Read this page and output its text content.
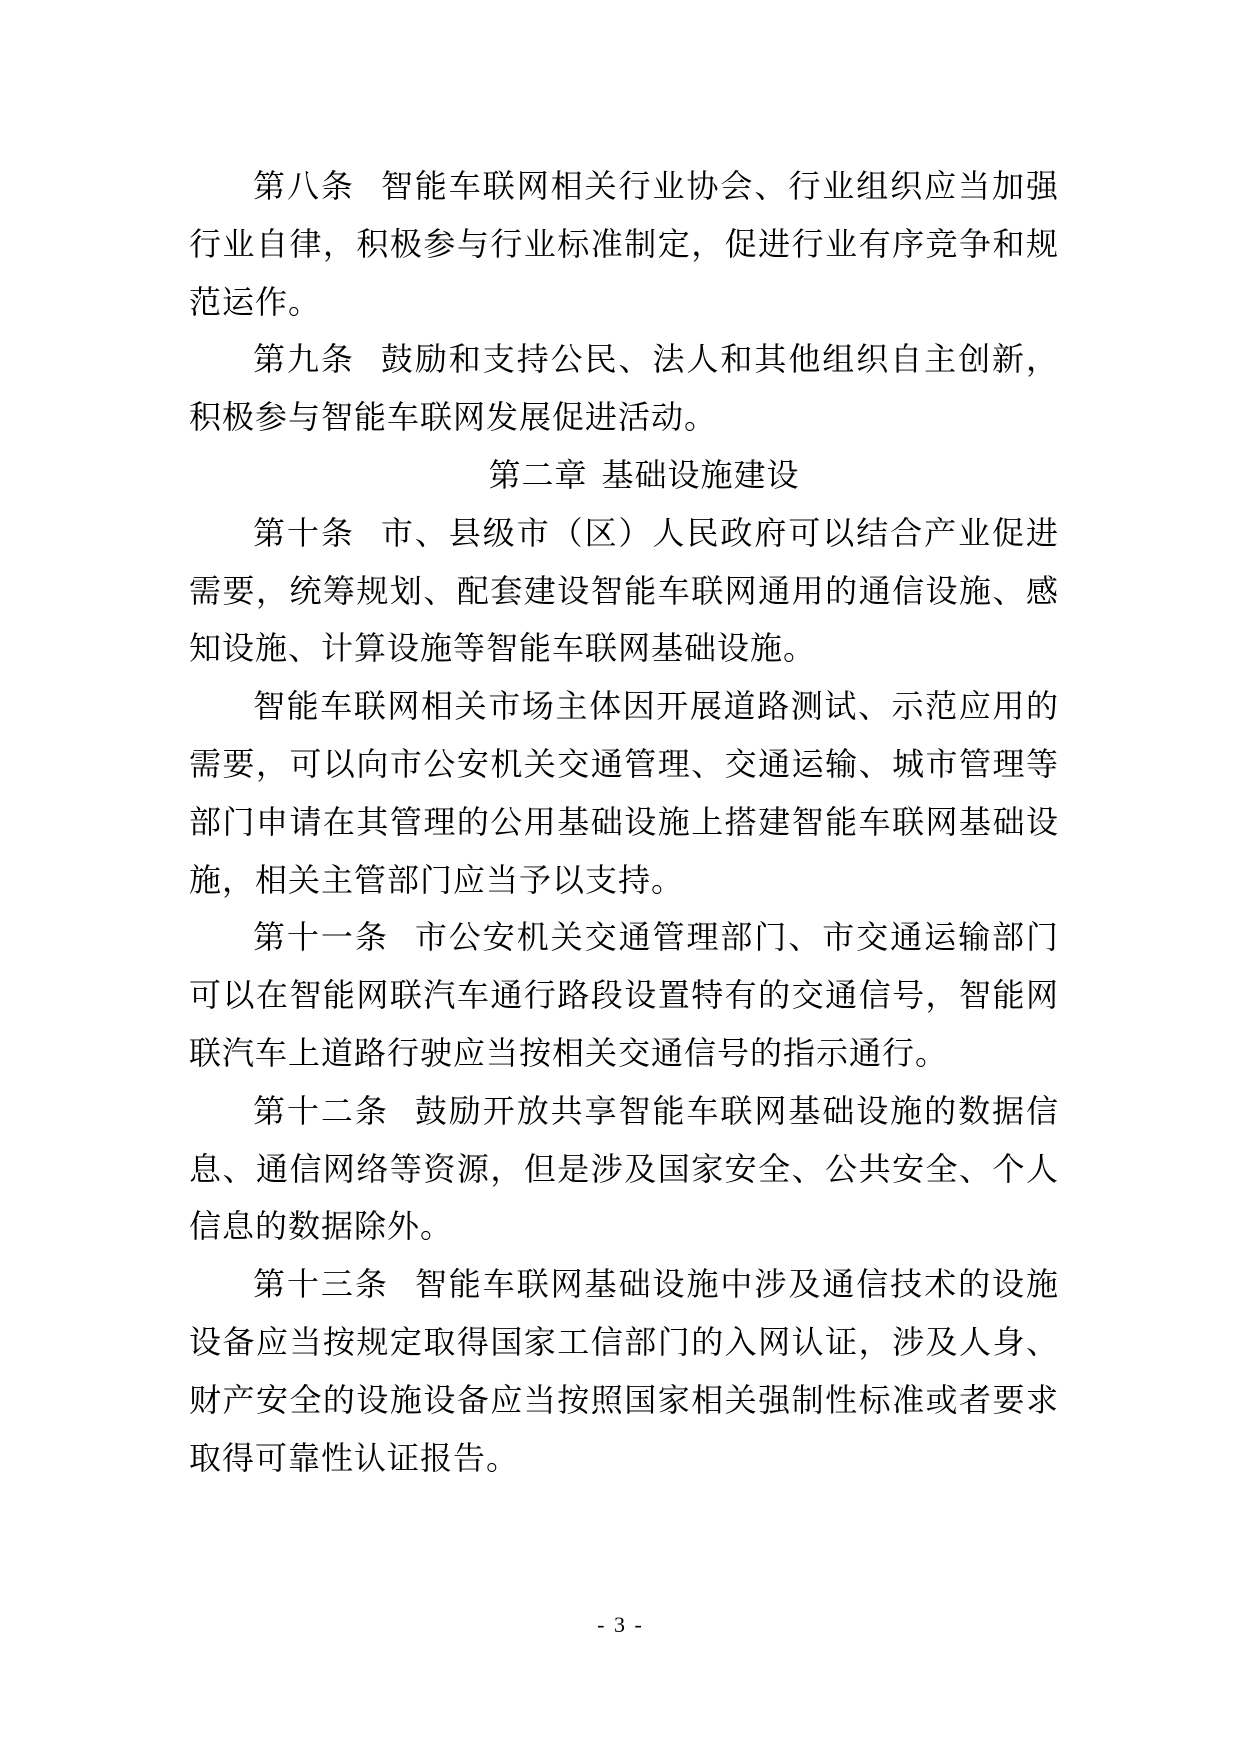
第八条 智能车联网相关行业协会、行业组织应当加强行业自律，积极参与行业标准制定，促进行业有序竞争和规范运作。

第九条 鼓励和支持公民、法人和其他组织自主创新，积极参与智能车联网发展促进活动。

第二章 基础设施建设

第十条 市、县级市（区）人民政府可以结合产业促进需要，统筹规划、配套建设智能车联网通用的通信设施、感知设施、计算设施等智能车联网基础设施。

智能车联网相关市场主体因开展道路测试、示范应用的需要，可以向市公安机关交通管理、交通运输、城市管理等部门申请在其管理的公用基础设施上搭建智能车联网基础设施，相关主管部门应当予以支持。

第十一条 市公安机关交通管理部门、市交通运输部门可以在智能网联汽车通行路段设置特有的交通信号，智能网联汽车上道路行驶应当按相关交通信号的指示通行。

第十二条 鼓励开放共享智能车联网基础设施的数据信息、通信网络等资源，但是涉及国家安全、公共安全、个人信息的数据除外。

第十三条 智能车联网基础设施中涉及通信技术的设施设备应当按规定取得国家工信部门的入网认证，涉及人身、财产安全的设施设备应当按照国家相关强制性标准或者要求取得可靠性认证报告。

- 3 -
